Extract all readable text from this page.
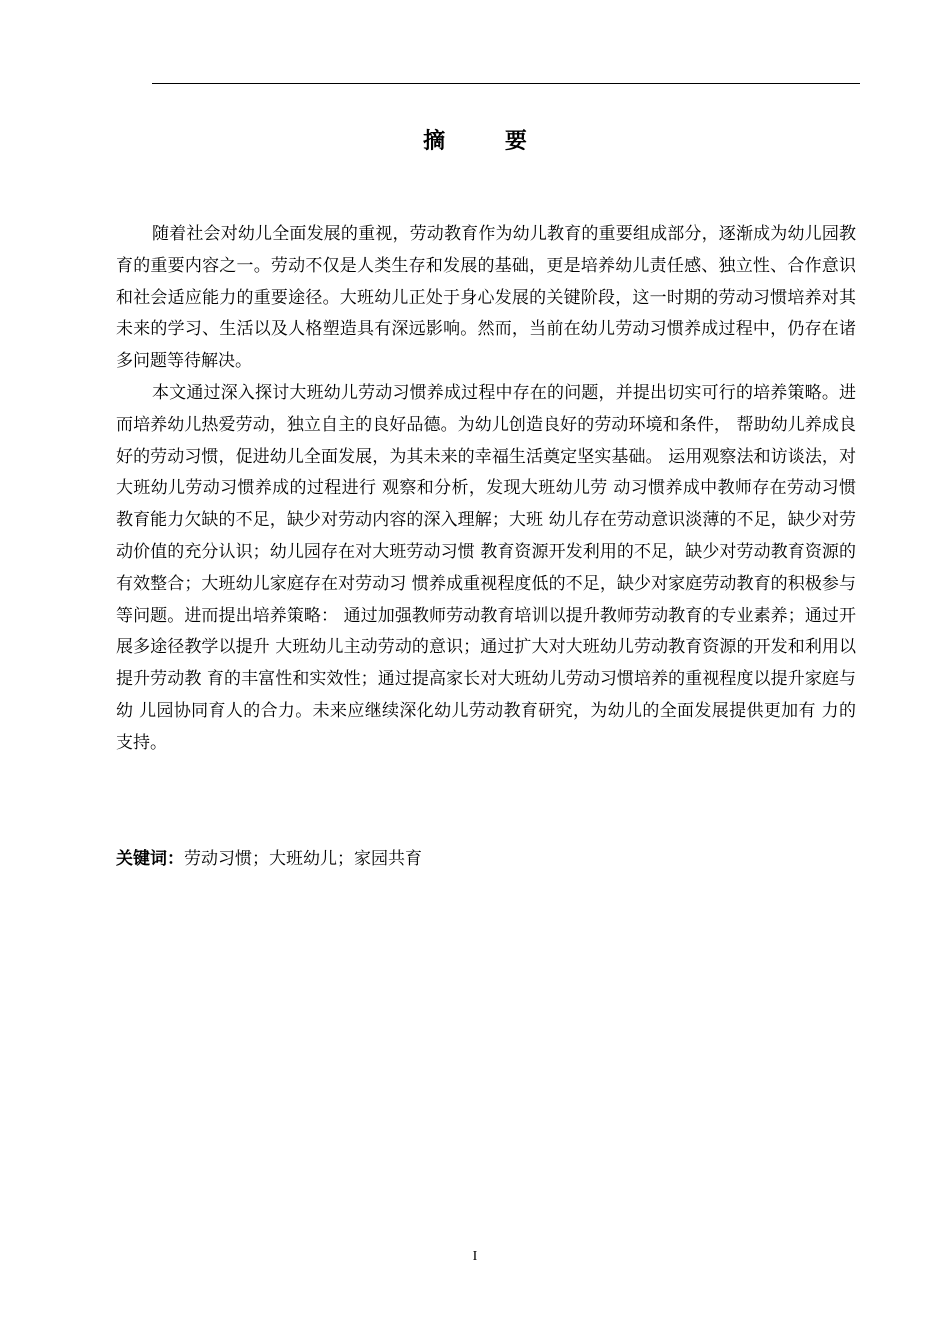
摘 要

随着社会对幼儿全面发展的重视，劳动教育作为幼儿教育的重要组成部分，逐渐成为幼儿园教育的重要内容之一。劳动不仅是人类生存和发展的基础，更是培养幼儿责任感、独立性、合作意识和社会适应能力的重要途径。大班幼儿正处于身心发展的关键阶段，这一时期的劳动习惯培养对其未来的学习、生活以及人格塑造具有深远影响。然而，当前在幼儿劳动习惯养成过程中，仍存在诸多问题等待解决。

本文通过深入探讨大班幼儿劳动习惯养成过程中存在的问题，并提出切实可行的培养策略。进而培养幼儿热爱劳动，独立自主的良好品德。为幼儿创造良好的劳动环境和条件， 帮助幼儿养成良好的劳动习惯，促进幼儿全面发展，为其未来的幸福生活奠定坚实基础。 运用观察法和访谈法，对大班幼儿劳动习惯养成的过程进行 观察和分析，发现大班幼儿劳 动习惯养成中教师存在劳动习惯教育能力欠缺的不足，缺少对劳动内容的深入理解；大班 幼儿存在劳动意识淡薄的不足，缺少对劳动价值的充分认识；幼儿园存在对大班劳动习惯 教育资源开发利用的不足，缺少对劳动教育资源的有效整合；大班幼儿家庭存在对劳动习 惯养成重视程度低的不足，缺少对家庭劳动教育的积极参与等问题。进而提出培养策略： 通过加强教师劳动教育培训以提升教师劳动教育的专业素养；通过开展多途径教学以提升 大班幼儿主动劳动的意识；通过扩大对大班幼儿劳动教育资源的开发和利用以提升劳动教 育的丰富性和实效性；通过提高家长对大班幼儿劳动习惯培养的重视程度以提升家庭与幼 儿园协同育人的合力。未来应继续深化幼儿劳动教育研究，为幼儿的全面发展提供更加有 力的支持。

关键词：劳动习惯；大班幼儿；家园共育
I
